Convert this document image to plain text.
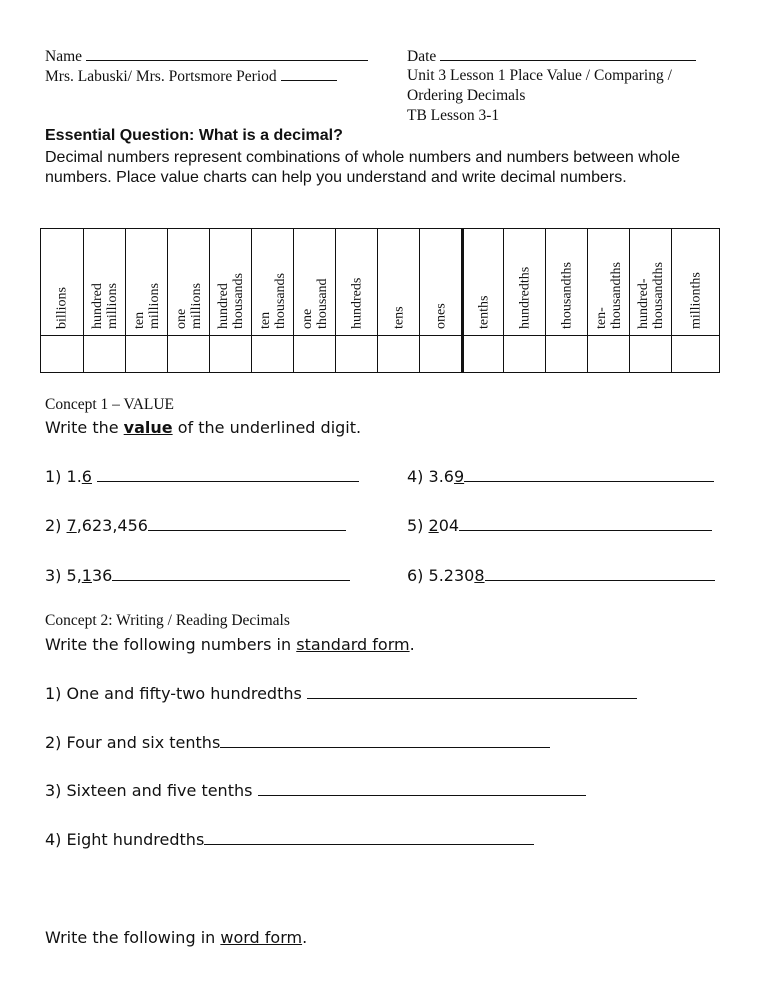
Name
Mrs. Labuski/ Mrs. Portsmore Period
Date
Unit 3 Lesson 1 Place Value / Comparing /
Ordering Decimals
TB Lesson 3-1
Essential Question: What is a decimal?
Decimal numbers represent combinations of whole numbers and numbers between whole numbers. Place value charts can help you understand and write decimal numbers.
billions hundred
millions ten millions one millions hundred
thousands ten
thousands one
thousand hundreds tens ones tenths hundredths thousandths ten-
thousandths hundred-
thousandths millionths
Concept 1 – VALUE
Write the value of the underlined digit.
1) 1.6
2) 7,623,456
3) 5,136
4) 3.69
5) 204
6) 5.2308
Concept 2: Writing / Reading Decimals
Write the following numbers in standard form.
1) One and fifty-two hundredths
2) Four and six tenths
3) Sixteen and five tenths
4) Eight hundredths
Write the following in word form.
